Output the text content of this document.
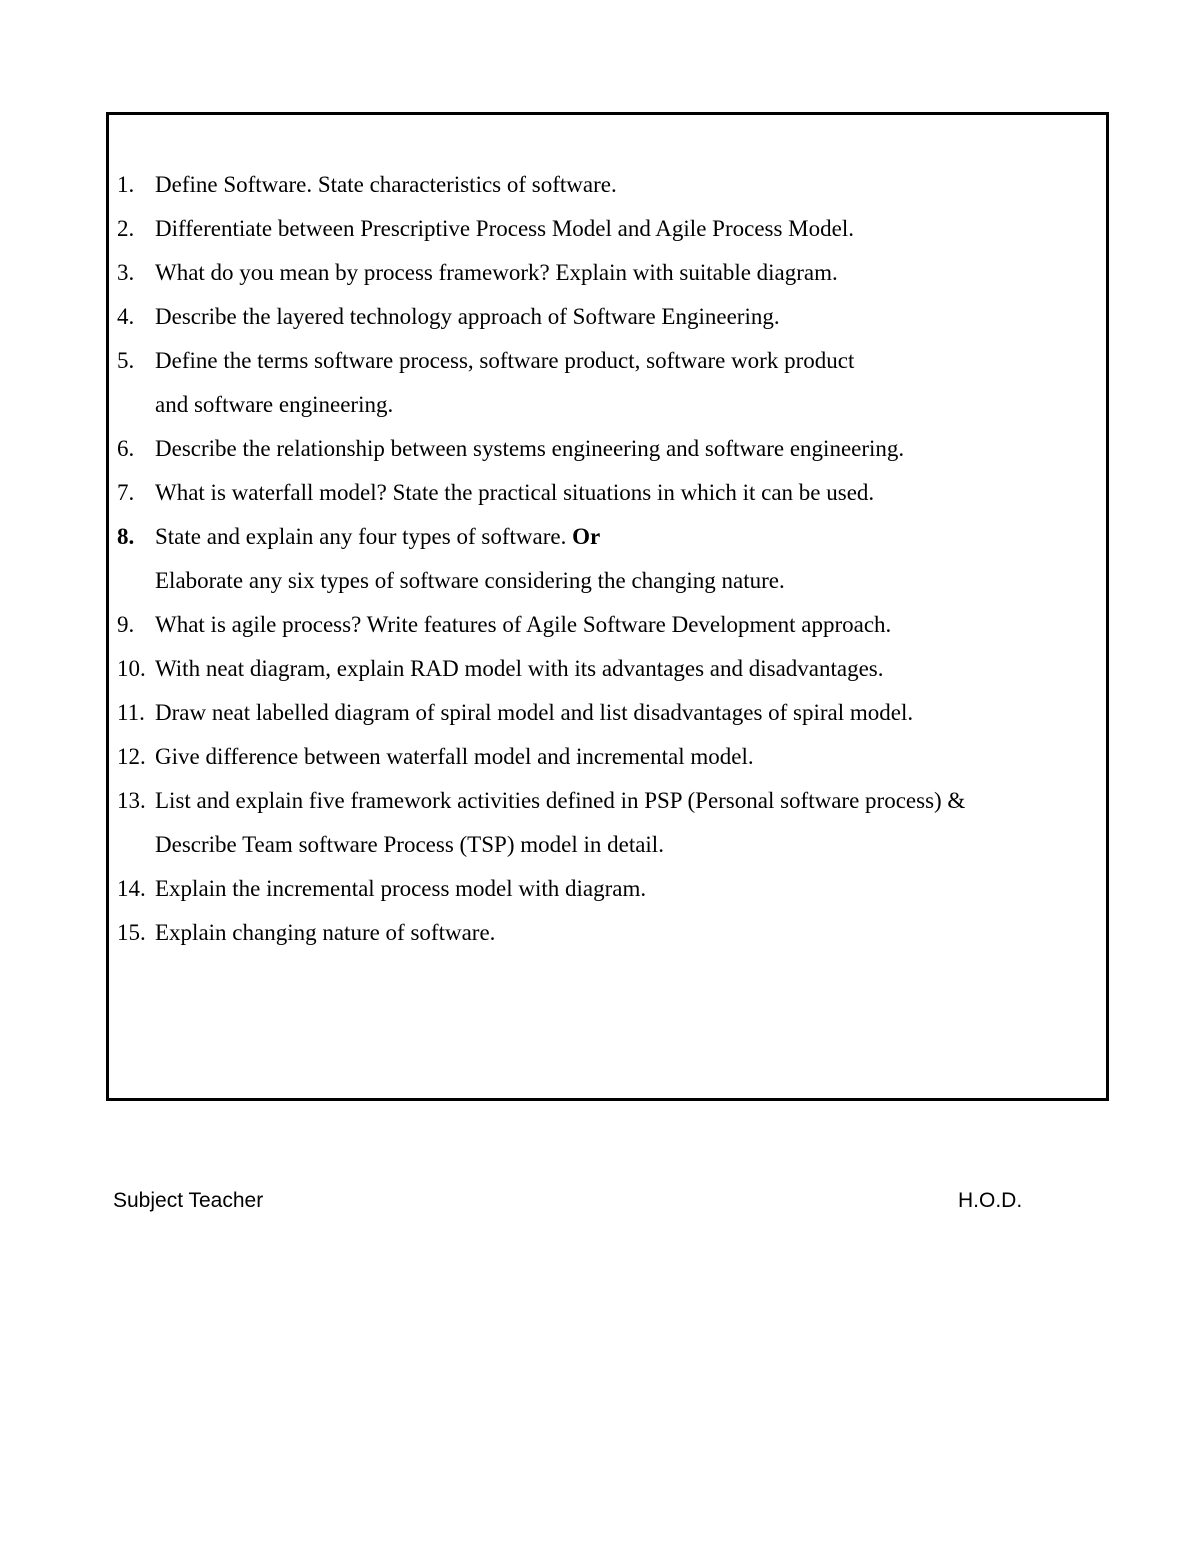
1. Define Software. State characteristics of software.
2. Differentiate between Prescriptive Process Model and Agile Process Model.
3. What do you mean by process framework? Explain with suitable diagram.
4. Describe the layered technology approach of Software Engineering.
5. Define the terms software process, software product, software work product
and software engineering.
6. Describe the relationship between systems engineering and software engineering.
7. What is waterfall model? State the practical situations in which it can be used.
8. State and explain any four types of software. Or
Elaborate any six types of software considering the changing nature.
9. What is agile process? Write features of Agile Software Development approach.
10. With neat diagram, explain RAD model with its advantages and disadvantages.
11. Draw neat labelled diagram of spiral model and list disadvantages of spiral model.
12. Give difference between waterfall model and incremental model.
13. List and explain five framework activities defined in PSP (Personal software process) &
Describe Team software Process (TSP) model in detail.
14. Explain the incremental process model with diagram.
15. Explain changing nature of software.
Subject Teacher	H.O.D.
